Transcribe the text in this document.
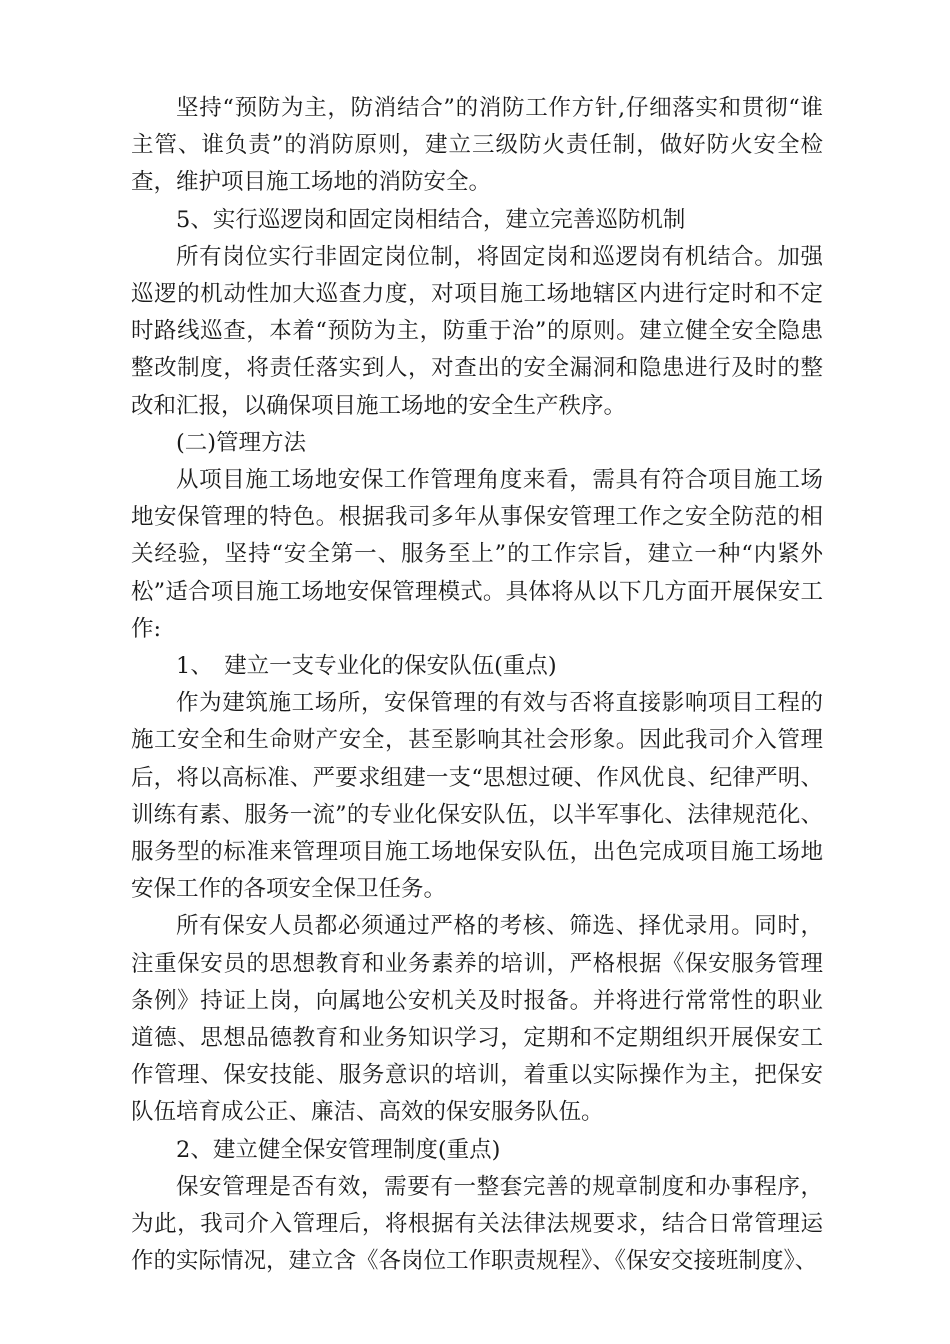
坚持“预防为主，防消结合”的消防工作方针,仔细落实和贯彻“谁主管、谁负责”的消防原则，建立三级防火责任制，做好防火安全检查，维护项目施工场地的消防安全。

5、实行巡逻岗和固定岗相结合，建立完善巡防机制

所有岗位实行非固定岗位制，将固定岗和巡逻岗有机结合。加强巡逻的机动性加大巡查力度，对项目施工场地辖区内进行定时和不定时路线巡查，本着“预防为主，防重于治”的原则。建立健全安全隐患整改制度，将责任落实到人，对查出的安全漏洞和隐患进行及时的整改和汇报，以确保项目施工场地的安全生产秩序。

(二)管理方法

从项目施工场地安保工作管理角度来看，需具有符合项目施工场地安保管理的特色。根据我司多年从事保安管理工作之安全防范的相关经验，坚持“安全第一、服务至上”的工作宗旨，建立一种“内紧外松”适合项目施工场地安保管理模式。具体将从以下几方面开展保安工作:

1、 建立一支专业化的保安队伍(重点)

作为建筑施工场所，安保管理的有效与否将直接影响项目工程的施工安全和生命财产安全，甚至影响其社会形象。因此我司介入管理后，将以高标准、严要求组建一支“思想过硬、作风优良、纪律严明、训练有素、服务一流”的专业化保安队伍，以半军事化、法律规范化、服务型的标准来管理项目施工场地保安队伍，出色完成项目施工场地安保工作的各项安全保卫任务。

所有保安人员都必须通过严格的考核、筛选、择优录用。同时，注重保安员的思想教育和业务素养的培训，严格根据《保安服务管理条例》持证上岗，向属地公安机关及时报备。并将进行常常性的职业道德、思想品德教育和业务知识学习，定期和不定期组织开展保安工作管理、保安技能、服务意识的培训，着重以实际操作为主，把保安队伍培育成公正、廉洁、高效的保安服务队伍。

2、建立健全保安管理制度(重点)

保安管理是否有效，需要有一整套完善的规章制度和办事程序，为此，我司介入管理后，将根据有关法律法规要求，结合日常管理运作的实际情况，建立含《各岗位工作职责规程》、《保安交接班制度》、
